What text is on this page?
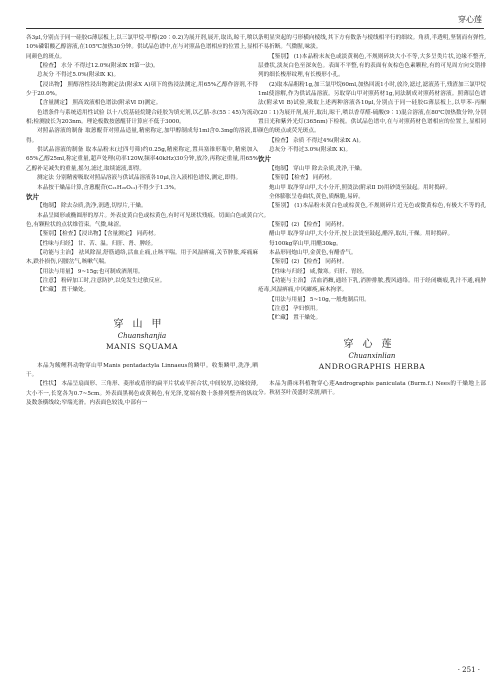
穿心莲

各3μl,分别点于同一硅胶G薄层板上,以三氯甲烷-甲醇(20∶0.2)为展开剂,展开,取出,晾干,喷以10%磷钼酸乙醇溶液,在105℃加热30分钟。供试品色谱中,在与对照品色谱相应的位置上,显相同颜色的斑点。

【检查】 水分 不得过12.0%(附录Ⅸ H第一法)。

总灰分 不得过5.0%(附录Ⅸ K)。

【浸出物】 照醇溶性浸出物测定法(附录Ⅹ A)项下的热浸法测定,用65%乙醇作溶剂,不得少于20.0%。

【含量测定】 照高效液相色谱法(附录Ⅵ D)测定。

色谱条件与系统适用性试验 以十八烷基硅烷键合硅胶为填充剂,以乙腈-水(55∶45)为流动相;检测波长为203nm。理论板数按蒽醌苷计算应不低于3000。

对照品溶液的制备 取蒽醌苷对照品适量,精密称定,加甲醇制成每1ml含0.3mg的溶液,即得。

供试品溶液的制备 取本品粉末(过四号筛)约0.25g,精密称定,置具塞锥形瓶中,精密加入65%乙醇25ml,称定重量,超声处理(功率120W,频率40kHz)30分钟,放冷,再称定重量,用65%乙醇补足减失的重量,摇匀,滤过,取续滤液,即得。

测定法 分别精密吸取对照品溶液与供试品溶液各10μl,注入液相色谱仪,测定,即得。

本品按干燥品计算,含蒽醌苷(C₂₁H₂₀O₁₁)不得少于1.3%。

饮片

【炮制】 除去杂质,洗净,润透,切厚片,干燥。

本品呈圆形或椭圆形的厚片。外表皮黄白色或棕黄色,有时可见斑状残痕。切面白色或黄白色,有颗粒状的点状维管束。气微,味涩。

【鉴别】【检查】【浸出物】【含量测定】 同药材。

【性味与归经】 甘、苦、温。归肝、肾、脾经。

【功能与主治】 祛风除湿,舒筋通络,活血止痛,止咳平喘。用于风湿痹痛,关节肿胀,疼痛麻木,跌扑损伤,闪腰岔气,咳嗽气喘。

【用法与用量】 9~15g;也可制成酒剂用。

【注意】 粉碎加工时,注意防护,以免发生过敏反应。

【贮藏】 置干燥处。

穿山甲
Chuanshanjia
MANIS SQUAMA

本品为鲮鲤科动物穿山甲Manis pentadactyla Linnaeus的鳞甲。收集鳞甲,洗净,晒干。

【性状】 本品呈扇面形、三角形、菱形或盾形的扁平片状或半折合状,中间较厚,边缘较薄,大小不一,长宽各为0.7~5cm。外表面黑褐色或黄褐色,有光泽,宽端有数十条排列整齐的纵纹及数条横线纹;窄端光滑。内表面色较浅,中部有一

条明显突起的弓形横向棱线,其下方有数条与棱线相平行的细纹。角质,半透明,坚韧而有弹性,不易折断。气微腥,味淡。

【鉴别】 (1)本品粉末灰色或淡黄褐色,不规则碎块大小不等,大多呈类片状,边缘不整齐,层叠状,淡灰白色至深灰色。表面不平整,有的表面有灰棕色色素颗粒,有的可见周方向交错排列的细长梭形纹理,有长梭形小孔。

(2)取本品粗粉1g,加三氯甲烷60ml,加热回流1小时,放冷,滤过,滤液蒸干,残渣加三氯甲烷1ml使溶解,作为供试品溶液。另取穿山甲对照药材1g,同法制成对照药材溶液。照薄层色谱法(附录Ⅵ B)试验,吸取上述两种溶液各10μl,分别点于同一硅胶G薄层板上,以甲苯-丙酮(20∶1)为展开剂,展开,取出,晾干,喷以香草醛-硫酸(9∶1)混合溶液,在80℃加热数分钟,分别置日光和紫外光灯(365nm)下检视。供试品色谱中,在与对照药材色谱相应的位置上,显相同颜色的斑点或荧光斑点。

【检查】 杂质 不得过4%(附录Ⅸ A)。

总灰分 不得过3.0%(附录Ⅸ K)。

饮片

【炮制】 穿山甲 除去杂质,洗净,干燥。

【鉴别】【检查】 同药材。

炮山甲 取净穿山甲,大小分开,照烫法(附录Ⅱ D)用砂烫至鼓起。用时捣碎。

全体膨胀呈卷曲状,黄色,质酥脆,易碎。

【鉴别】 (1)本品粉末黄白色或棕黄色,不规则碎片近无色或微黄棕色,有极大不等的孔穴。

【鉴别】(2) 【检查】 同药材。

醋山甲 取净穿山甲,大小分开,按上法烫至鼓起,醋淬,取出,干燥。用时捣碎。

每100kg穿山甲,用醋30kg。

本品形同炮山甲,金黄色,有醋香气。

【鉴别】(2) 【检查】 同药材。

【性味与归经】 咸,微寒。归肝、胃经。

【功能与主治】 活血消癥,通经下乳,消肿排脓,搜风通络。用于经闭癥瘕,乳汁不通,痈肿疮毒,风湿痹痛,中风瘫痪,麻木拘挛。

【用法与用量】 5~10g,一般炮制后用。

【注意】 孕妇慎用。

【贮藏】 置干燥处。

穿心莲
Chuanxinlian
ANDROGRAPHIS HERBA

本品为爵床科植物穿心莲Andrographis paniculata (Burm.f.) Nees的干燥地上部分。秋初茎叶茂盛时采割,晒干。

· 251 ·
